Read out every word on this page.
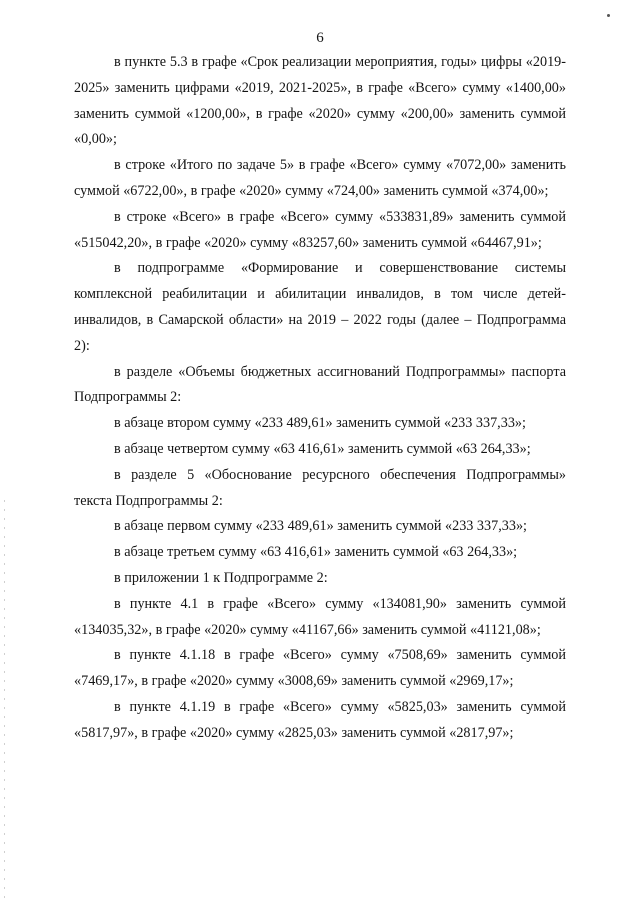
6

в пункте 5.3 в графе «Срок реализации мероприятия, годы» цифры «2019-2025» заменить цифрами «2019, 2021-2025», в графе «Всего» сумму «1400,00» заменить суммой «1200,00», в графе «2020» сумму «200,00» заменить суммой «0,00»;

в строке «Итого по задаче 5» в графе «Всего» сумму «7072,00» заменить суммой «6722,00», в графе «2020» сумму «724,00» заменить суммой «374,00»;

в строке «Всего» в графе «Всего» сумму «533831,89» заменить суммой «515042,20», в графе «2020» сумму «83257,60» заменить суммой «64467,91»;

в подпрограмме «Формирование и совершенствование системы комплексной реабилитации и абилитации инвалидов, в том числе детей-инвалидов, в Самарской области» на 2019 – 2022 годы (далее – Подпрограмма 2):

в разделе «Объемы бюджетных ассигнований Подпрограммы» паспорта Подпрограммы 2:

в абзаце втором сумму «233 489,61» заменить суммой «233 337,33»;

в абзаце четвертом сумму «63 416,61» заменить суммой «63 264,33»;

в разделе 5 «Обоснование ресурсного обеспечения Подпрограммы» текста Подпрограммы 2:

в абзаце первом сумму «233 489,61» заменить суммой «233 337,33»;

в абзаце третьем сумму «63 416,61» заменить суммой «63 264,33»;

в приложении 1 к Подпрограмме 2:

в пункте 4.1 в графе «Всего» сумму «134081,90» заменить суммой «134035,32», в графе «2020» сумму «41167,66» заменить суммой «41121,08»;

в пункте 4.1.18 в графе «Всего» сумму «7508,69» заменить суммой «7469,17», в графе «2020» сумму «3008,69» заменить суммой «2969,17»;

в пункте 4.1.19 в графе «Всего» сумму «5825,03» заменить суммой «5817,97», в графе «2020» сумму «2825,03» заменить суммой «2817,97»;
